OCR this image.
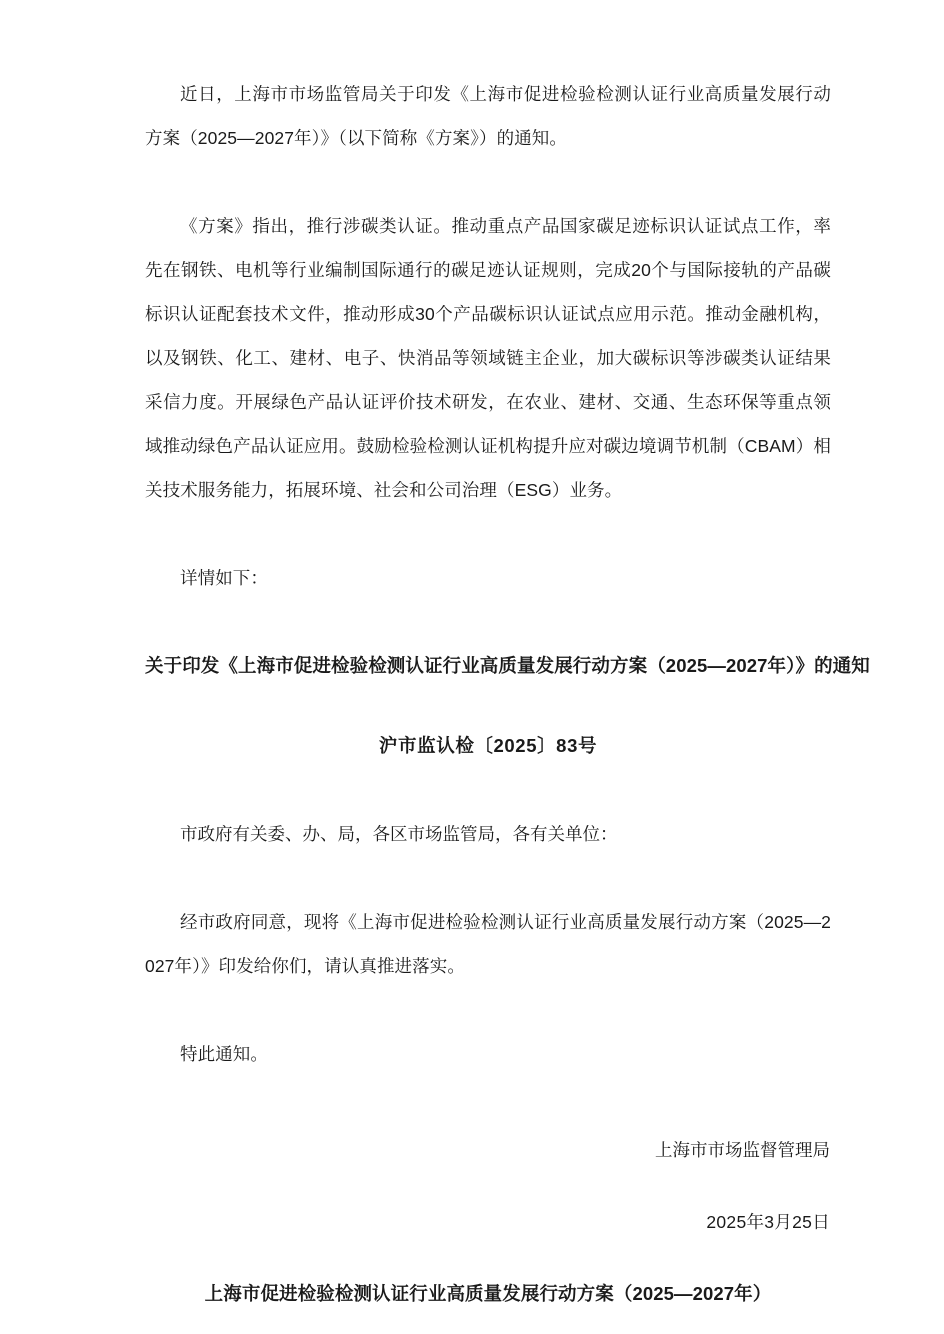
近日，上海市市场监管局关于印发《上海市促进检验检测认证行业高质量发展行动方案（2025—2027年）》（以下简称《方案》）的通知。

《方案》指出，推行涉碳类认证。推动重点产品国家碳足迹标识认证试点工作，率先在钢铁、电机等行业编制国际通行的碳足迹认证规则，完成20个与国际接轨的产品碳标识认证配套技术文件，推动形成30个产品碳标识认证试点应用示范。推动金融机构，以及钢铁、化工、建材、电子、快消品等领域链主企业，加大碳标识等涉碳类认证结果采信力度。开展绿色产品认证评价技术研发，在农业、建材、交通、生态环保等重点领域推动绿色产品认证应用。鼓励检验检测认证机构提升应对碳边境调节机制（CBAM）相关技术服务能力，拓展环境、社会和公司治理（ESG）业务。

详情如下：

关于印发《上海市促进检验检测认证行业高质量发展行动方案（2025—2027年）》的通知
沪市监认检〔2025〕83号

市政府有关委、办、局，各区市场监管局，各有关单位：

经市政府同意，现将《上海市促进检验检测认证行业高质量发展行动方案（2025—2027年）》印发给你们，请认真推进落实。

特此通知。

上海市市场监督管理局

2025年3月25日

上海市促进检验检测认证行业高质量发展行动方案（2025—2027年）
